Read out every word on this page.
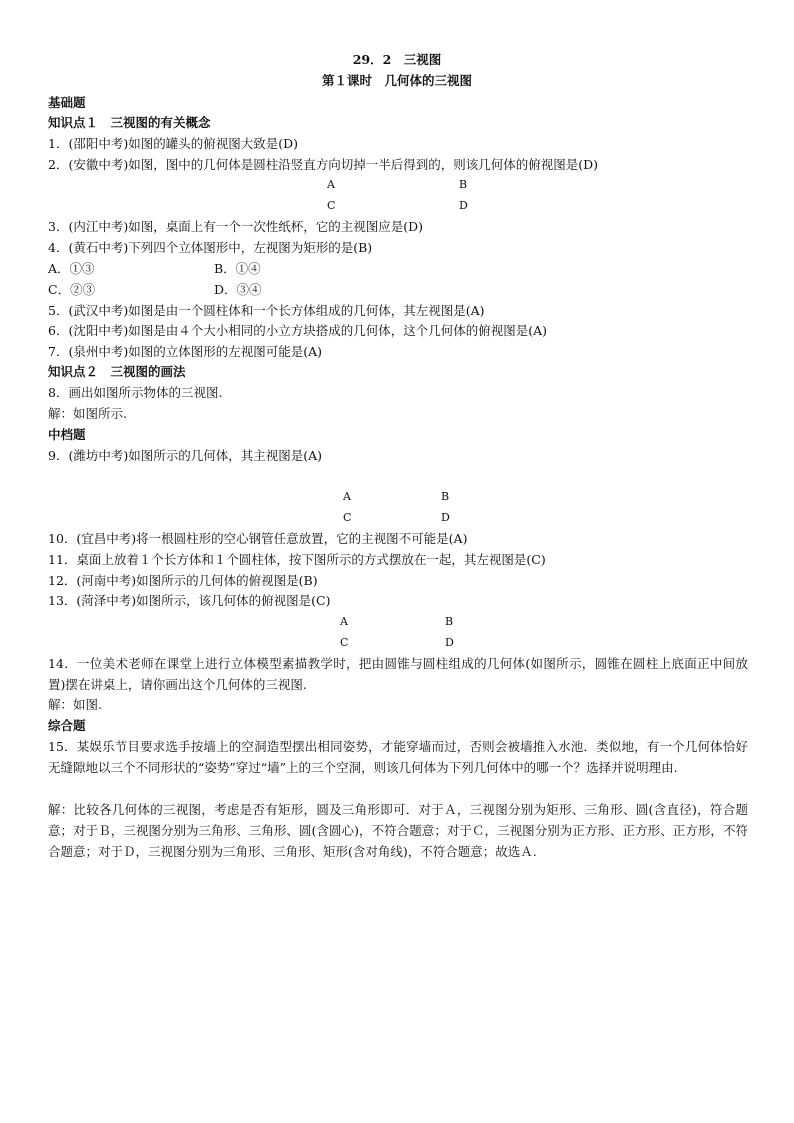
29．2　三视图
第１课时　几何体的三视图
基础题
知识点１　三视图的有关概念
1．(邵阳中考)如图的罐头的俯视图大致是(D)
2．(安徽中考)如图，图中的几何体是圆柱沿竖直方向切掉一半后得到的，则该几何体的俯视图是(D)
A	B
C	D
3．(内江中考)如图，桌面上有一个一次性纸杯，它的主视图应是(D)
4．(黄石中考)下列四个立体图形中，左视图为矩形的是(B)
A．①③	B．①④
C．②③	D．③④
5．(武汉中考)如图是由一个圆柱体和一个长方体组成的几何体，其左视图是(A)
6．(沈阳中考)如图是由４个大小相同的小立方块搭成的几何体，这个几何体的俯视图是(A)
7．(泉州中考)如图的立体图形的左视图可能是(A)
知识点２　三视图的画法
8．画出如图所示物体的三视图.
解：如图所示.
中档题
9．(潍坊中考)如图所示的几何体，其主视图是(A)
A	B
C	D
10．(宜昌中考)将一根圆柱形的空心钢管任意放置，它的主视图不可能是(A)
11．桌面上放着１个长方体和１个圆柱体，按下图所示的方式摆放在一起，其左视图是(C)
12．(河南中考)如图所示的几何体的俯视图是(B)
13．(菏泽中考)如图所示，该几何体的俯视图是(C)
A	B
C	D
14．一位美术老师在课堂上进行立体模型素描教学时，把由圆锥与圆柱组成的几何体(如图所示，圆锥在圆柱上底面正中间放置)摆在讲桌上，请你画出这个几何体的三视图.
解：如图.
综合题
15．某娱乐节目要求选手按墙上的空洞造型摆出相同姿势，才能穿墙而过，否则会被墙推入水池．类似地，有一个几何体恰好无缝隙地以三个不同形状的“姿势”穿过“墙”上的三个空洞，则该几何体为下列几何体中的哪一个？选择并说明理由.
解：比较各几何体的三视图，考虑是否有矩形，圆及三角形即可．对于Ａ，三视图分别为矩形、三角形、圆(含直径)，符合题意；对于Ｂ，三视图分别为三角形、三角形、圆(含圆心)，不符合题意；对于Ｃ，三视图分别为正方形、正方形、正方形，不符合题意；对于Ｄ，三视图分别为三角形、三角形、矩形(含对角线)，不符合题意；故选Ａ.
